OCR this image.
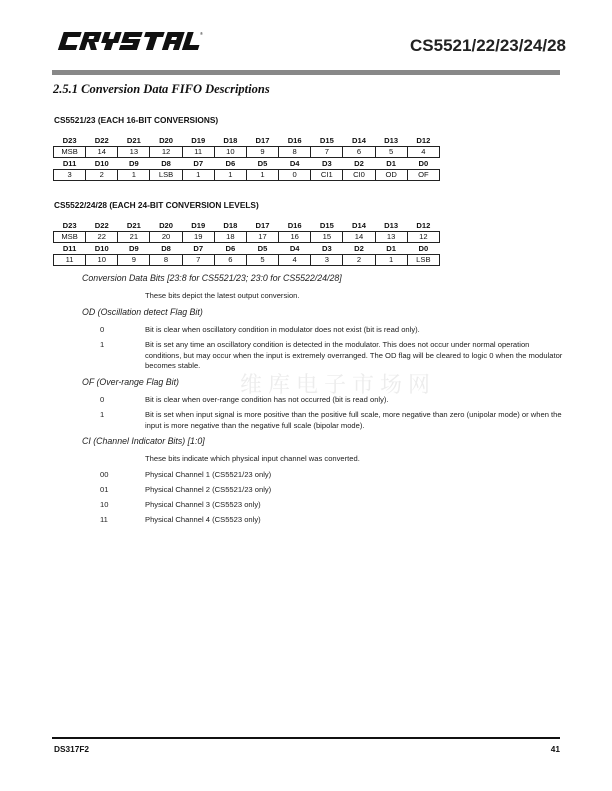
®
CS5521/22/23/24/28
2.5.1 Conversion Data FIFO Descriptions
CS5521/23 (EACH 16-BIT CONVERSIONS)
D23	D22	D21	D20	D19	D18	D17	D16	D15	D14	D13	D12
MSB	14	13	12	11	10	9	8	7	6	5	4
D11	D10	D9	D8	D7	D6	D5	D4	D3	D2	D1	D0
3	2	1	LSB	1	1	1	0	CI1	CI0	OD	OF
CS5522/24/28 (EACH 24-BIT CONVERSION LEVELS)
D23	D22	D21	D20	D19	D18	D17	D16	D15	D14	D13	D12
MSB	22	21	20	19	18	17	16	15	14	13	12
D11	D10	D9	D8	D7	D6	D5	D4	D3	D2	D1	D0
11	10	9	8	7	6	5	4	3	2	1	LSB
维库电子市场网
Conversion Data Bits [23:8 for CS5521/23; 23:0 for CS5522/24/28]
These bits depict the latest output conversion.
OD (Oscillation detect Flag Bit)
0	Bit is clear when oscillatory condition in modulator does not exist (bit is read only).
1	Bit is set any time an oscillatory condition is detected in the modulator. This does not occur under normal operation conditions, but may occur when the input is extremely overranged. The OD flag will be cleared to logic 0 when the modulator becomes stable.
OF (Over-range Flag Bit)
0	Bit is clear when over-range condition has not occurred (bit is read only).
1	Bit is set when input signal is more positive than the positive full scale, more negative than zero (unipolar mode) or when the input is more negative than the negative full scale (bipolar mode).
CI (Channel Indicator Bits) [1:0]
These bits indicate which physical input channel was converted.
00	Physical Channel 1 (CS5521/23 only)
01	Physical Channel 2 (CS5521/23 only)
10	Physical Channel 3 (CS5523 only)
11	Physical Channel 4 (CS5523 only)
DS317F2	41
